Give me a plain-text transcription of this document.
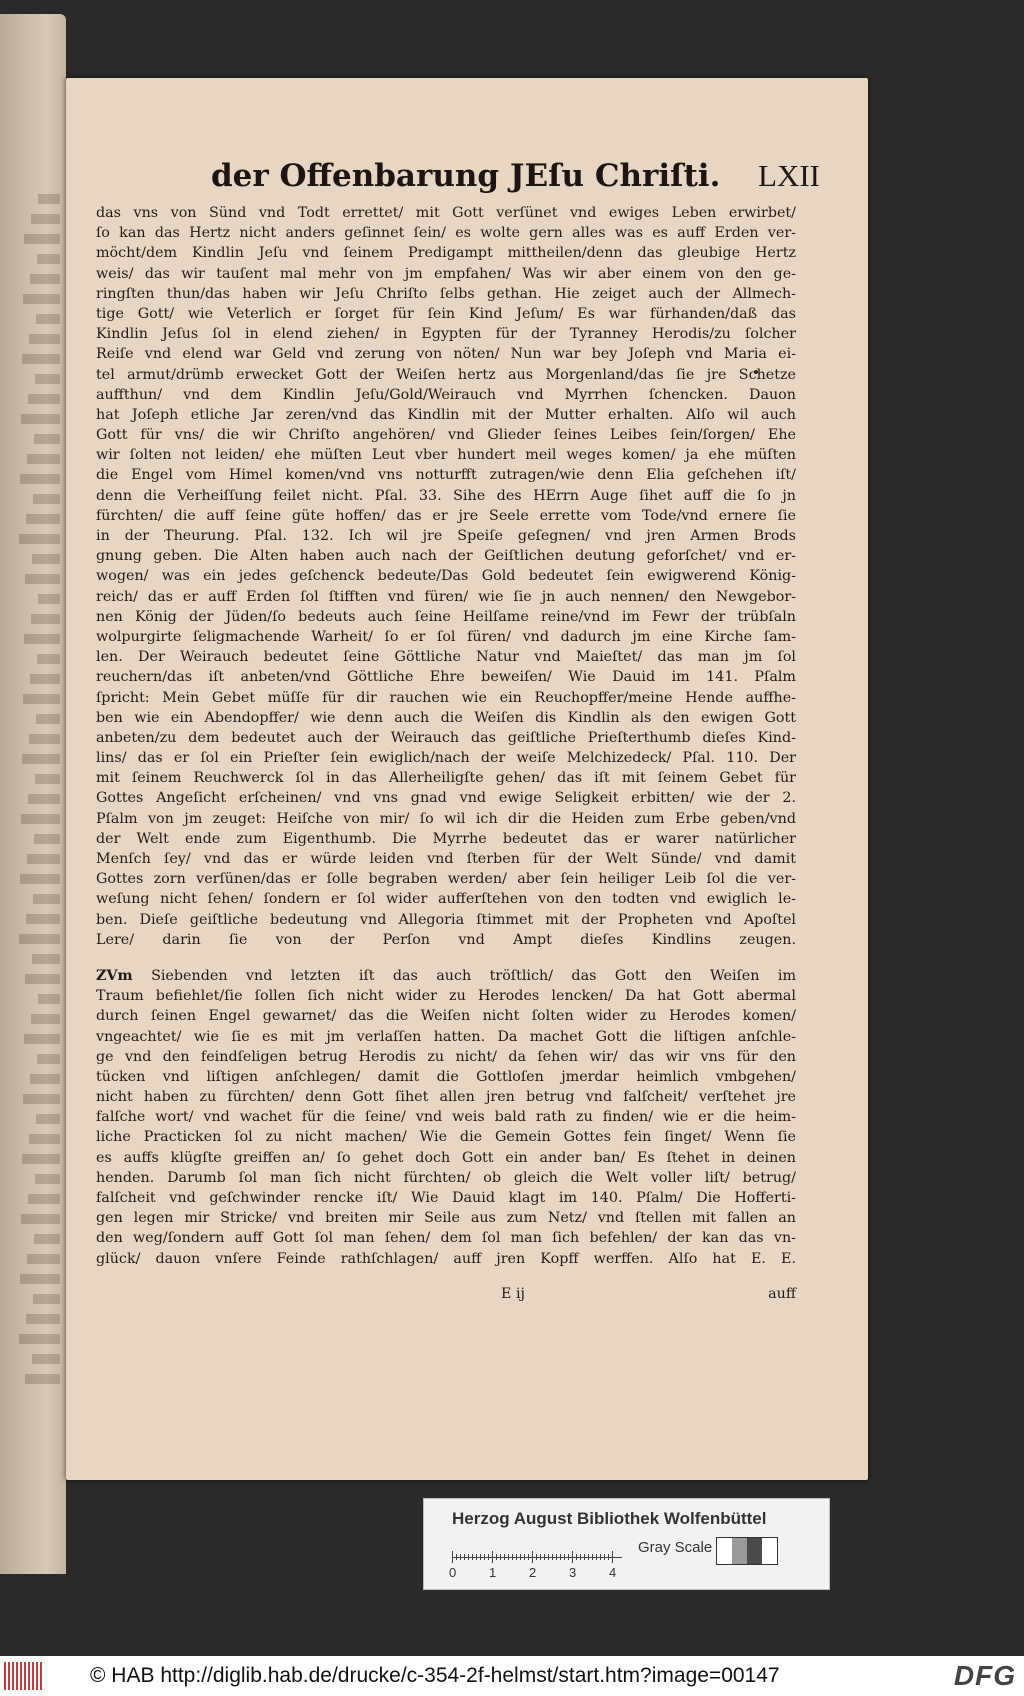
der Offenbarung JEſu Chriſti. LXII
das vns von Sünd vnd Todt errettet/ mit Gott verſünet vnd ewiges Leben erwirbet/
ſo kan das Hertz nicht anders geſinnet ſein/ es wolte gern alles was es auff Erden ver-
möcht/dem Kindlin Jeſu vnd ſeinem Predigampt mittheilen/denn das gleubige Hertz
weis/ das wir tauſent mal mehr von jm empfahen/ Was wir aber einem von den ge-
ringſten thun/das haben wir Jeſu Chriſto ſelbs gethan. Hie zeiget auch der Allmech-
tige Gott/ wie Veterlich er ſorget für ſein Kind Jeſum/ Es war fürhanden/daß das
Kindlin Jeſus ſol in elend ziehen/ in Egypten für der Tyranney Herodis/zu ſolcher
Reiſe vnd elend war Geld vnd zerung von nöten/ Nun war bey Joſeph vnd Maria ei-
tel armut/drümb erwecket Gott der Weiſen hertz aus Morgenland/das ſie jre Schetze
auffthun/ vnd dem Kindlin Jeſu/Gold/Weirauch vnd Myrrhen ſchencken. Dauon
hat Joſeph etliche Jar zeren/vnd das Kindlin mit der Mutter erhalten. Alſo wil auch
Gott für vns/ die wir Chriſto angehören/ vnd Glieder ſeines Leibes ſein/ſorgen/ Ehe
wir ſolten not leiden/ ehe müſten Leut vber hundert meil weges komen/ ja ehe müſten
die Engel vom Himel komen/vnd vns notturfft zutragen/wie denn Elia geſchehen iſt/
denn die Verheiſſung feilet nicht. Pſal. 33. Sihe des HErrn Auge ſihet auff die ſo jn
fürchten/ die auff ſeine güte hoffen/ das er jre Seele errette vom Tode/vnd ernere ſie
in der Theurung. Pſal. 132. Ich wil jre Speiſe geſegnen/ vnd jren Armen Brods
gnung geben. Die Alten haben auch nach der Geiſtlichen deutung geforſchet/ vnd er-
wogen/ was ein jedes geſchenck bedeute/Das Gold bedeutet ſein ewigwerend König-
reich/ das er auff Erden ſol ſtifften vnd füren/ wie ſie jn auch nennen/ den Newgebor-
nen König der Jüden/ſo bedeuts auch ſeine Heilſame reine/vnd im Fewr der trübſaln
wolpurgirte ſeligmachende Warheit/ ſo er ſol füren/ vnd dadurch jm eine Kirche ſam-
len. Der Weirauch bedeutet ſeine Göttliche Natur vnd Maieſtet/ das man jm ſol
reuchern/das iſt anbeten/vnd Göttliche Ehre beweiſen/ Wie Dauid im 141. Pſalm
ſpricht: Mein Gebet müſſe für dir rauchen wie ein Reuchopffer/meine Hende auffhe-
ben wie ein Abendopffer/ wie denn auch die Weiſen dis Kindlin als den ewigen Gott
anbeten/zu dem bedeutet auch der Weirauch das geiſtliche Prieſterthumb dieſes Kind-
lins/ das er ſol ein Prieſter ſein ewiglich/nach der weiſe Melchizedeck/ Pſal. 110. Der
mit ſeinem Reuchwerck ſol in das Allerheiligſte gehen/ das iſt mit ſeinem Gebet für
Gottes Angeſicht erſcheinen/ vnd vns gnad vnd ewige Seligkeit erbitten/ wie der 2.
Pſalm von jm zeuget: Heiſche von mir/ ſo wil ich dir die Heiden zum Erbe geben/vnd
der Welt ende zum Eigenthumb. Die Myrrhe bedeutet das er warer natürlicher
Menſch ſey/ vnd das er würde leiden vnd ſterben für der Welt Sünde/ vnd damit
Gottes zorn verſünen/das er ſolle begraben werden/ aber ſein heiliger Leib ſol die ver-
weſung nicht ſehen/ ſondern er ſol wider aufferſtehen von den todten vnd ewiglich le-
ben. Dieſe geiſtliche bedeutung vnd Allegoria ſtimmet mit der Propheten vnd Apoſtel
Lere/ darin ſie von der Perſon vnd Ampt dieſes Kindlins zeugen.
ZVm Siebenden vnd letzten iſt das auch tröſtlich/ das Gott den Weiſen im
Traum befiehlet/ſie ſollen ſich nicht wider zu Herodes lencken/ Da hat Gott abermal
durch ſeinen Engel gewarnet/ das die Weiſen nicht ſolten wider zu Herodes komen/
vngeachtet/ wie ſie es mit jm verlaſſen hatten. Da machet Gott die liſtigen anſchle-
ge vnd den feindſeligen betrug Herodis zu nicht/ da ſehen wir/ das wir vns für den
tücken vnd liſtigen anſchlegen/ damit die Gottloſen jmerdar heimlich vmbgehen/
nicht haben zu fürchten/ denn Gott ſihet allen jren betrug vnd falſcheit/ verſtehet jre
falſche wort/ vnd wachet für die ſeine/ vnd weis bald rath zu finden/ wie er die heim-
liche Practicken ſol zu nicht machen/ Wie die Gemein Gottes fein ſinget/ Wenn ſie
es auffs klügſte greiffen an/ ſo gehet doch Gott ein ander ban/ Es ſtehet in deinen
henden. Darumb ſol man ſich nicht fürchten/ ob gleich die Welt voller liſt/ betrug/
falſcheit vnd geſchwinder rencke iſt/ Wie Dauid klagt im 140. Pſalm/ Die Hofferti-
gen legen mir Stricke/ vnd breiten mir Seile aus zum Netz/ vnd ſtellen mit fallen an
den weg/ſondern auff Gott ſol man ſehen/ dem ſol man ſich befehlen/ der kan das vn-
glück/ dauon vnſere Feinde rathſchlagen/ auff jren Kopff werffen. Alſo hat E. E.
E ij	auff
Herzog August Bibliothek Wolfenbüttel
0	1	2	3	4
Gray Scale
© HAB http://diglib.hab.de/drucke/c-354-2f-helmst/start.htm?image=00147	DFG
